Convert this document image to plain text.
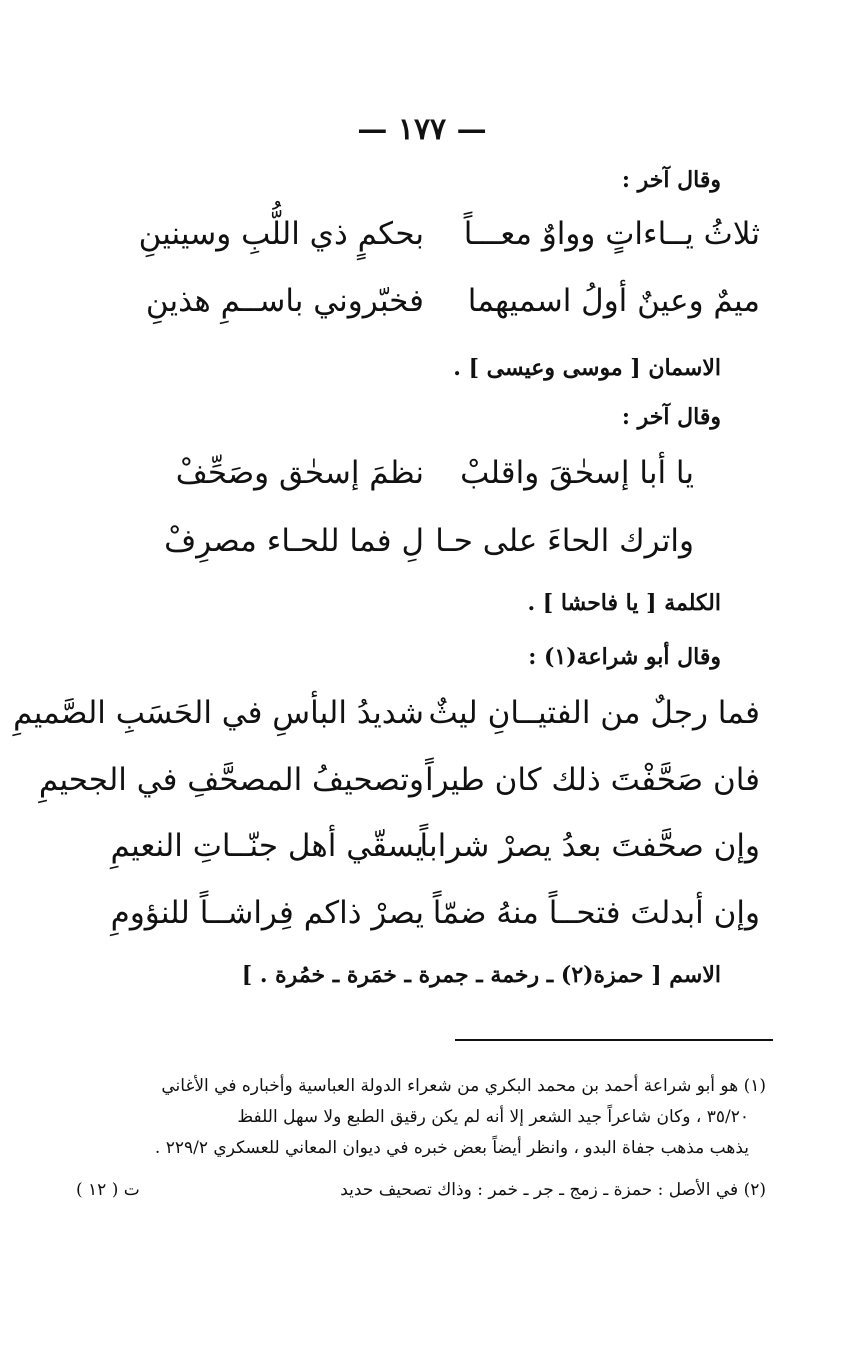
— ١٧٧ —
وقال آخر :
ثلاثُ يــاءاتٍ وواوٌ معـــاً
بحكمٍ ذي اللُّبِ وسينينِ
ميمٌ وعينٌ أولُ اسميهما
فخبّروني باســمِ هذينِ
الاسمان [ موسى وعيسى ] .
وقال آخر :
يا أبا إسحٰقَ واقلبْ
نظمَ إسحٰق وصَحِّفْ
واترك الحاءَ على حـا
لِ فما للحـاء مصرِفْ
الكلمة [ يا فاحشا ] .
وقال أبو شراعة(١) :
فما رجلٌ من الفتيــانِ ليثٌ
شديدُ البأسِ في الحَسَبِ الصَّميمِ
فان صَحَّفْتَ ذلك كان طيراً
وتصحيفُ المصحَّفِ في الجحيمِ
وإن صحَّفتَ بعدُ يصرْ شراباً
يسقّي أهل جنّــاتِ النعيمِ
وإن أبدلتَ فتحــاً منهُ ضمّاً
يصرْ ذاكم فِراشــاً للنؤومِ
الاسم [ حمزة(٢) ـ رخمة ـ جمرة ـ خمَرة ـ خمُرة . ]
(١) هو أبو شراعة أحمد بن محمد البكري من شعراء الدولة العباسية وأخباره في الأغاني
٣٥/٢٠ ، وكان شاعراً جيد الشعر إلا أنه لم يكن رقيق الطبع ولا سهل اللفظ
يذهب مذهب جفاة البدو ، وانظر أيضاً بعض خبره في ديوان المعاني للعسكري ٢٢٩/٢ .
(٢) في الأصل : حمزة ـ زمج ـ جر ـ خمر : وذاك تصحيف حديد
ت ( ١٢ )
